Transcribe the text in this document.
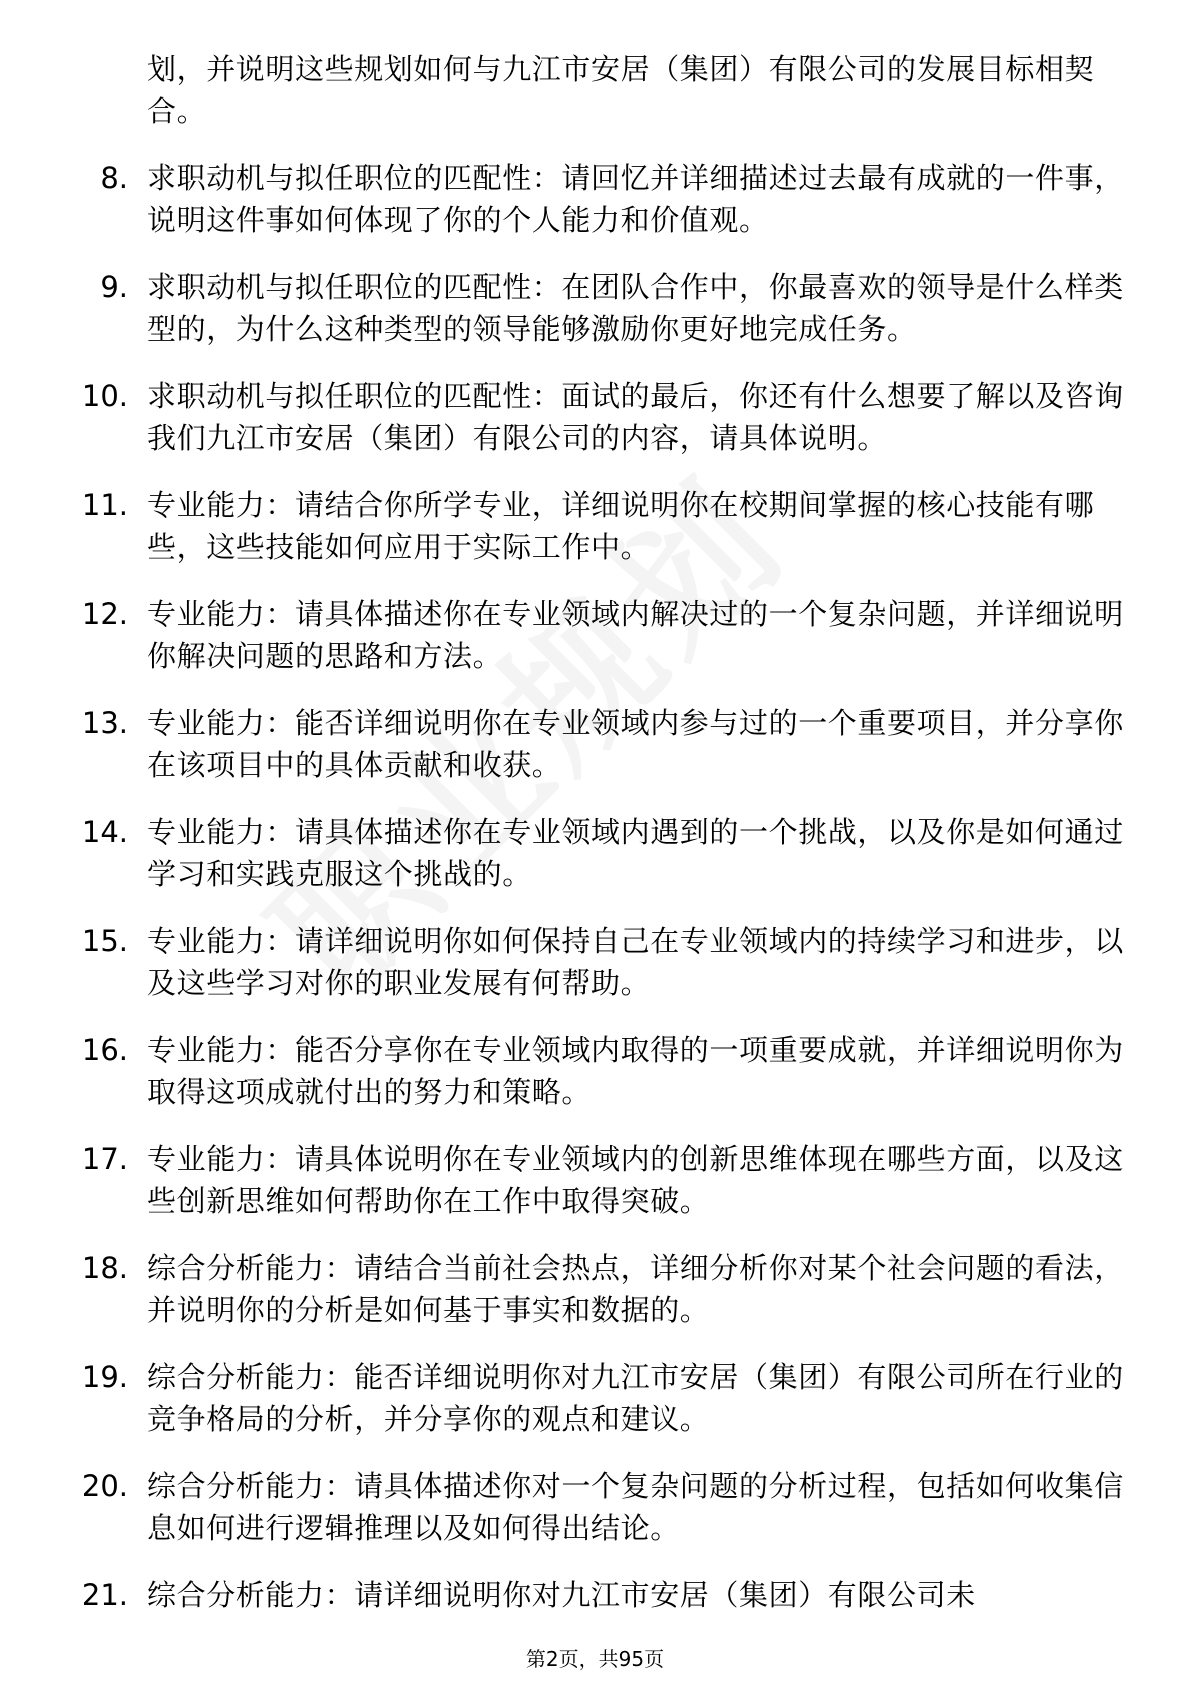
划，并说明这些规划如何与九江市安居（集团）有限公司的发展目标相契合。
8. 求职动机与拟任职位的匹配性：请回忆并详细描述过去最有成就的一件事，说明这件事如何体现了你的个人能力和价值观。
9. 求职动机与拟任职位的匹配性：在团队合作中，你最喜欢的领导是什么样类型的，为什么这种类型的领导能够激励你更好地完成任务。
10. 求职动机与拟任职位的匹配性：面试的最后，你还有什么想要了解以及咨询我们九江市安居（集团）有限公司的内容，请具体说明。
11. 专业能力：请结合你所学专业，详细说明你在校期间掌握的核心技能有哪些，这些技能如何应用于实际工作中。
12. 专业能力：请具体描述你在专业领域内解决过的一个复杂问题，并详细说明你解决问题的思路和方法。
13. 专业能力：能否详细说明你在专业领域内参与过的一个重要项目，并分享你在该项目中的具体贡献和收获。
14. 专业能力：请具体描述你在专业领域内遇到的一个挑战，以及你是如何通过学习和实践克服这个挑战的。
15. 专业能力：请详细说明你如何保持自己在专业领域内的持续学习和进步，以及这些学习对你的职业发展有何帮助。
16. 专业能力：能否分享你在专业领域内取得的一项重要成就，并详细说明你为取得这项成就付出的努力和策略。
17. 专业能力：请具体说明你在专业领域内的创新思维体现在哪些方面，以及这些创新思维如何帮助你在工作中取得突破。
18. 综合分析能力：请结合当前社会热点，详细分析你对某个社会问题的看法，并说明你的分析是如何基于事实和数据的。
19. 综合分析能力：能否详细说明你对九江市安居（集团）有限公司所在行业的竞争格局的分析，并分享你的观点和建议。
20. 综合分析能力：请具体描述你对一个复杂问题的分析过程，包括如何收集信息如何进行逻辑推理以及如何得出结论。
21. 综合分析能力：请详细说明你对九江市安居（集团）有限公司未
第2页，共95页
